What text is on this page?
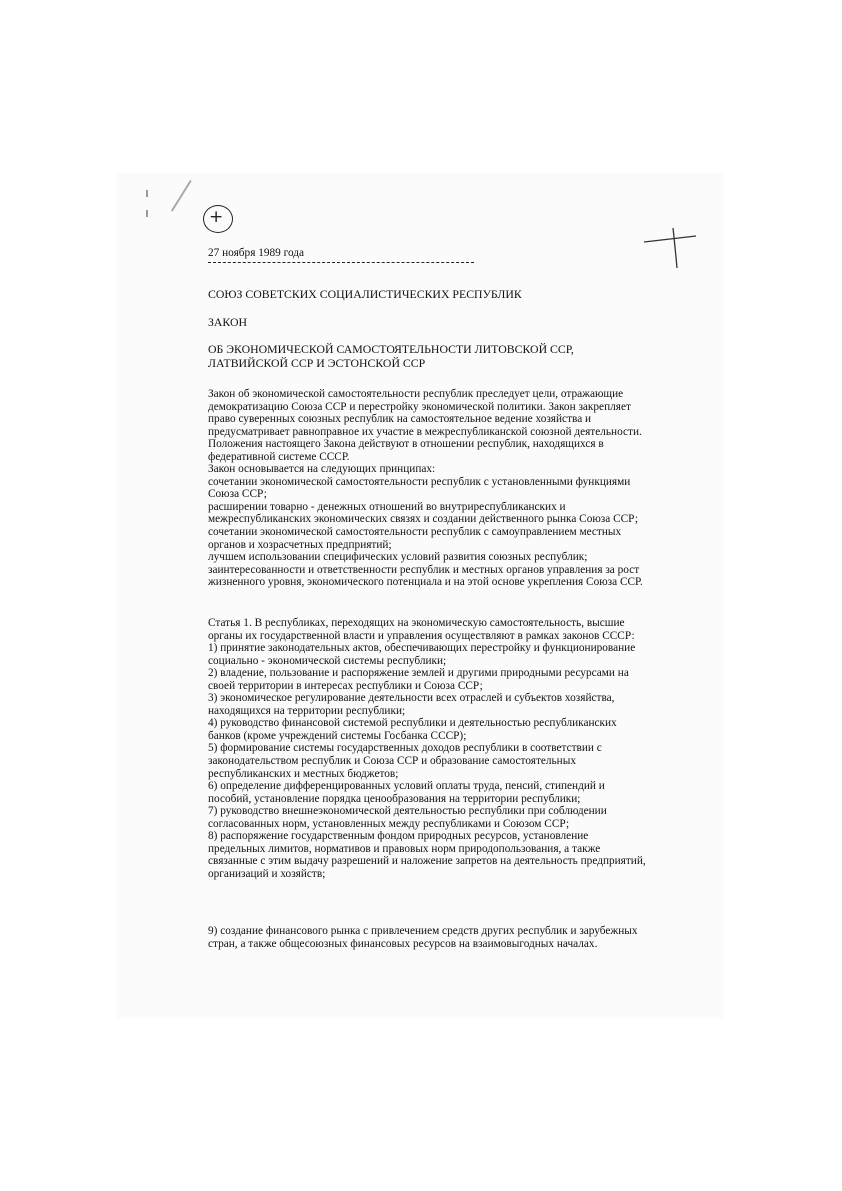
+
27 ноября 1989 года
СОЮЗ СОВЕТСКИХ СОЦИАЛИСТИЧЕСКИХ РЕСПУБЛИК
ЗАКОН
ОБ ЭКОНОМИЧЕСКОЙ САМОСТОЯТЕЛЬНОСТИ ЛИТОВСКОЙ ССР,
ЛАТВИЙСКОЙ ССР И ЭСТОНСКОЙ ССР
Закон об экономической самостоятельности республик преследует цели, отражающие
демократизацию Союза ССР и перестройку экономической политики. Закон закрепляет
право суверенных союзных республик на самостоятельное ведение хозяйства и
предусматривает равноправное их участие в межреспубликанской союзной деятельности.
Положения настоящего Закона действуют в отношении республик, находящихся в
федеративной системе СССР.
Закон основывается на следующих принципах:
сочетании экономической самостоятельности республик с установленными функциями
Союза ССР;
расширении товарно - денежных отношений во внутриреспубликанских и
межреспубликанских экономических связях и создании действенного рынка Союза ССР;
сочетании экономической самостоятельности республик с самоуправлением местных
органов и хозрасчетных предприятий;
лучшем использовании специфических условий развития союзных республик;
заинтересованности и ответственности республик и местных органов управления за рост
жизненного уровня, экономического потенциала и на этой основе укрепления Союза ССР.
Статья 1. В республиках, переходящих на экономическую самостоятельность, высшие
органы их государственной власти и управления осуществляют в рамках законов СССР:
1) принятие законодательных актов, обеспечивающих перестройку и функционирование
социально - экономической системы республики;
2) владение, пользование и распоряжение землей и другими природными ресурсами на
своей территории в интересах республики и Союза ССР;
3) экономическое регулирование деятельности всех отраслей и субъектов хозяйства,
находящихся на территории республики;
4) руководство финансовой системой республики и деятельностью республиканских
банков (кроме учреждений системы Госбанка СССР);
5) формирование системы государственных доходов республики в соответствии с
законодательством республик и Союза ССР и образование самостоятельных
республиканских и местных бюджетов;
6) определение дифференцированных условий оплаты труда, пенсий, стипендий и
пособий, установление порядка ценообразования на территории республики;
7) руководство внешнеэкономической деятельностью республики при соблюдении
согласованных норм, установленных между республиками и Союзом ССР;
8) распоряжение государственным фондом природных ресурсов, установление
предельных лимитов, нормативов и правовых норм природопользования, а также
связанные с этим выдачу разрешений и наложение запретов на деятельность предприятий,
организаций и хозяйств;
9) создание финансового рынка с привлечением средств других республик и зарубежных
стран, а также общесоюзных финансовых ресурсов на взаимовыгодных началах.
